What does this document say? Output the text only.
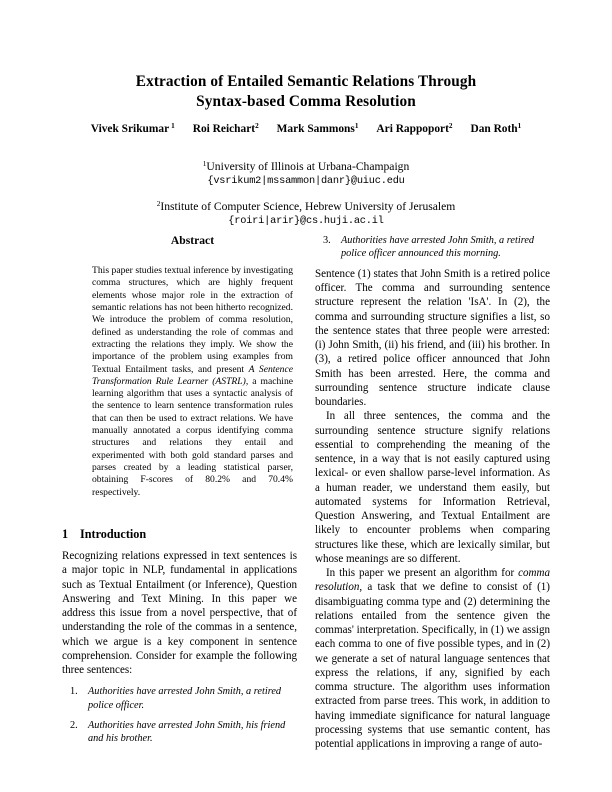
Extraction of Entailed Semantic Relations Through
Syntax-based Comma Resolution
Vivek Srikumar $^1$ Roi Reichart$^2$ Mark Sammons$^1$ Ari Rappoport$^2$ Dan Roth$^1$
$^1$University of Illinois at Urbana-Champaign
{vsrikum2|mssammon|danr}@uiuc.edu
$^2$Institute of Computer Science, Hebrew University of Jerusalem
{roiri|arir}@cs.huji.ac.il
Abstract
This paper studies textual inference by investigating comma structures, which are highly frequent elements whose major role in the extraction of semantic relations has not been hitherto recognized. We introduce the problem of comma resolution, defined as understanding the role of commas and extracting the relations they imply. We show the importance of the problem using examples from Textual Entailment tasks, and present A Sentence Transformation Rule Learner (ASTRL), a machine learning algorithm that uses a syntactic analysis of the sentence to learn sentence transformation rules that can then be used to extract relations. We have manually annotated a corpus identifying comma structures and relations they entail and experimented with both gold standard parses and parses created by a leading statistical parser, obtaining F-scores of 80.2% and 70.4% respectively.
1 Introduction
Recognizing relations expressed in text sentences is a major topic in NLP, fundamental in applications such as Textual Entailment (or Inference), Question Answering and Text Mining. In this paper we address this issue from a novel perspective, that of understanding the role of the commas in a sentence, which we argue is a key component in sentence comprehension. Consider for example the following three sentences:
1. Authorities have arrested John Smith, a retired police officer.
2. Authorities have arrested John Smith, his friend and his brother.
3. Authorities have arrested John Smith, a retired police officer announced this morning.

Sentence (1) states that John Smith is a retired police officer. The comma and surrounding sentence structure represent the relation 'IsA'. In (2), the comma and surrounding structure signifies a list, so the sentence states that three people were arrested: (i) John Smith, (ii) his friend, and (iii) his brother. In (3), a retired police officer announced that John Smith has been arrested. Here, the comma and surrounding sentence structure indicate clause boundaries.

In all three sentences, the comma and the surrounding sentence structure signify relations essential to comprehending the meaning of the sentence, in a way that is not easily captured using lexical- or even shallow parse-level information. As a human reader, we understand them easily, but automated systems for Information Retrieval, Question Answering, and Textual Entailment are likely to encounter problems when comparing structures like these, which are lexically similar, but whose meanings are so different.

In this paper we present an algorithm for comma resolution, a task that we define to consist of (1) disambiguating comma type and (2) determining the relations entailed from the sentence given the commas' interpretation. Specifically, in (1) we assign each comma to one of five possible types, and in (2) we generate a set of natural language sentences that express the relations, if any, signified by each comma structure. The algorithm uses information extracted from parse trees. This work, in addition to having immediate significance for natural language processing systems that use semantic content, has potential applications in improving a range of auto-
